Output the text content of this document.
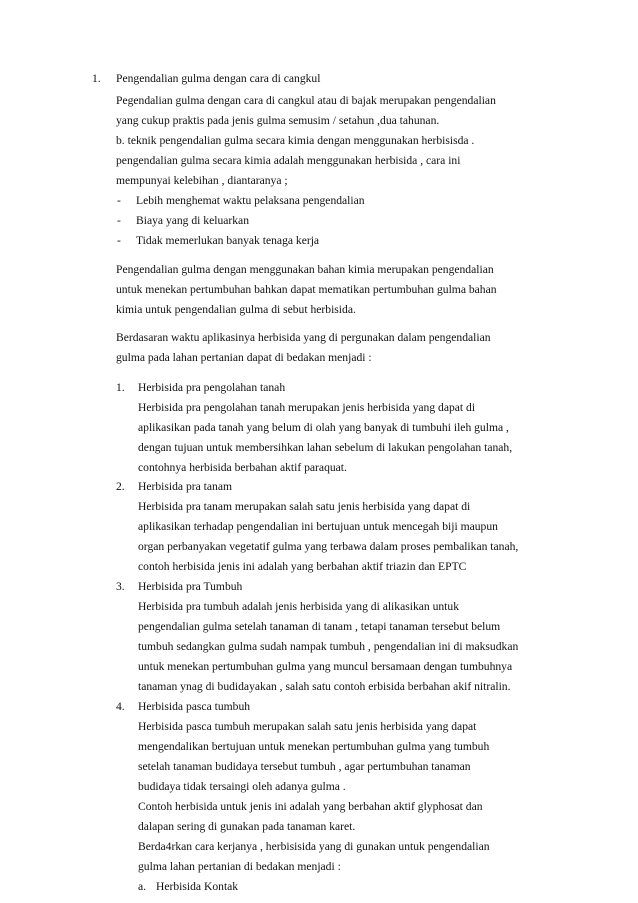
1. Pengendalian gulma dengan cara di cangkul
Pegendalian gulma dengan cara di cangkul atau di bajak merupakan pengendalian
yang cukup praktis pada jenis gulma semusim / setahun ,dua tahunan.
b. teknik pengendalian gulma secara kimia dengan menggunakan herbisisda .
pengendalian gulma secara kimia adalah menggunakan herbisida , cara ini
mempunyai kelebihan , diantaranya ;
- Lebih menghemat waktu pelaksana pengendalian
- Biaya yang di keluarkan
- Tidak memerlukan banyak tenaga kerja
Pengendalian gulma dengan menggunakan bahan kimia merupakan pengendalian
untuk menekan pertumbuhan bahkan dapat mematikan pertumbuhan gulma bahan
kimia untuk pengendalian gulma di sebut herbisida.
Berdasaran waktu aplikasinya herbisida yang di pergunakan dalam pengendalian
gulma pada lahan pertanian dapat di bedakan menjadi :
1. Herbisida pra pengolahan tanah
Herbisida pra pengolahan tanah merupakan jenis herbisida yang dapat di
aplikasikan pada tanah yang belum di olah yang banyak di tumbuhi ileh gulma ,
dengan tujuan untuk membersihkan lahan sebelum di lakukan pengolahan tanah,
contohnya herbisida berbahan aktif paraquat.
2. Herbisida pra tanam
Herbisida pra tanam merupakan salah satu jenis herbisida yang dapat di
aplikasikan terhadap pengendalian ini bertujuan untuk mencegah biji maupun
organ perbanyakan vegetatif gulma yang terbawa dalam proses pembalikan tanah,
contoh herbisida jenis ini adalah yang berbahan aktif triazin dan EPTC
3. Herbisida pra Tumbuh
Herbisida pra tumbuh adalah jenis herbisida yang di alikasikan untuk
pengendalian gulma setelah tanaman di tanam , tetapi tanaman tersebut belum
tumbuh sedangkan gulma sudah nampak tumbuh , pengendalian ini di maksudkan
untuk menekan pertumbuhan gulma yang muncul bersamaan dengan tumbuhnya
tanaman ynag di budidayakan , salah satu contoh erbisida berbahan akif nitralin.
4. Herbisida pasca tumbuh
Herbisida pasca tumbuh merupakan salah satu jenis herbisida yang dapat
mengendalikan bertujuan untuk menekan pertumbuhan gulma yang tumbuh
setelah tanaman budidaya tersebut tumbuh , agar pertumbuhan tanaman
budidaya tidak tersaingi oleh adanya gulma .
Contoh herbisida untuk jenis ini adalah yang berbahan aktif glyphosat dan
dalapan sering di gunakan pada tanaman karet.
Berda4rkan cara kerjanya , herbisisida yang di gunakan untuk pengendalian
gulma lahan pertanian di bedakan menjadi :
a. Herbisida Kontak
